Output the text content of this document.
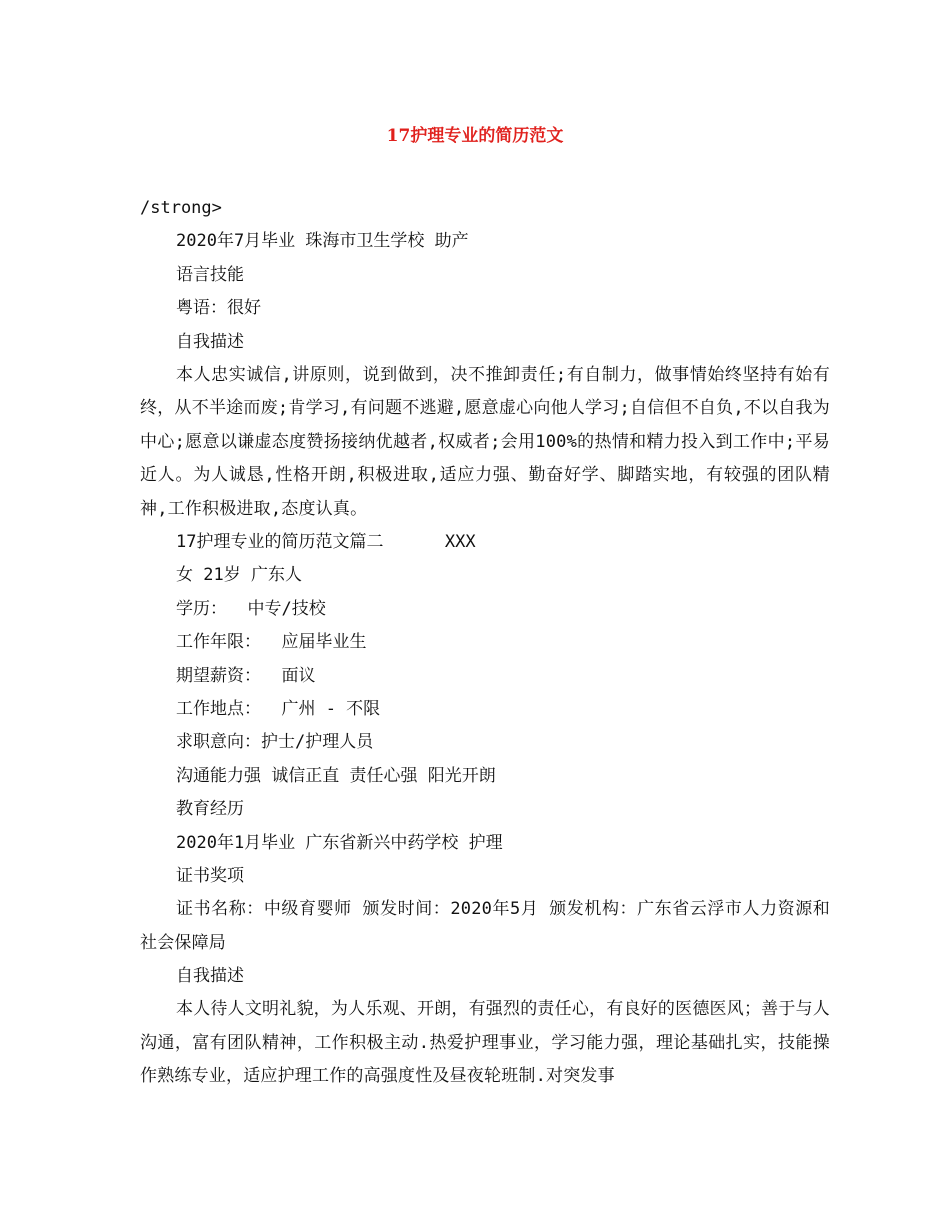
17护理专业的简历范文
/strong>
2020年7月毕业 珠海市卫生学校 助产
语言技能
粤语：很好
自我描述
本人忠实诚信,讲原则，说到做到，决不推卸责任;有自制力，做事情始终坚持有始有终，从不半途而废;肯学习,有问题不逃避,愿意虚心向他人学习;自信但不自负,不以自我为中心;愿意以谦虚态度赞扬接纳优越者,权威者;会用100%的热情和精力投入到工作中;平易近人。为人诚恳,性格开朗,积极进取,适应力强、勤奋好学、脚踏实地，有较强的团队精神,工作积极进取,态度认真。
17护理专业的简历范文篇二      XXX
女 21岁 广东人
学历：  中专/技校
工作年限：  应届毕业生
期望薪资：  面议
工作地点：  广州 - 不限
求职意向：护士/护理人员
沟通能力强 诚信正直 责任心强 阳光开朗
教育经历
2020年1月毕业 广东省新兴中药学校 护理
证书奖项
证书名称：中级育婴师 颁发时间：2020年5月 颁发机构：广东省云浮市人力资源和社会保障局
自我描述
本人待人文明礼貌，为人乐观、开朗，有强烈的责任心，有良好的医德医风；善于与人沟通，富有团队精神，工作积极主动.热爱护理事业，学习能力强，理论基础扎实，技能操作熟练专业，适应护理工作的高强度性及昼夜轮班制.对突发事
